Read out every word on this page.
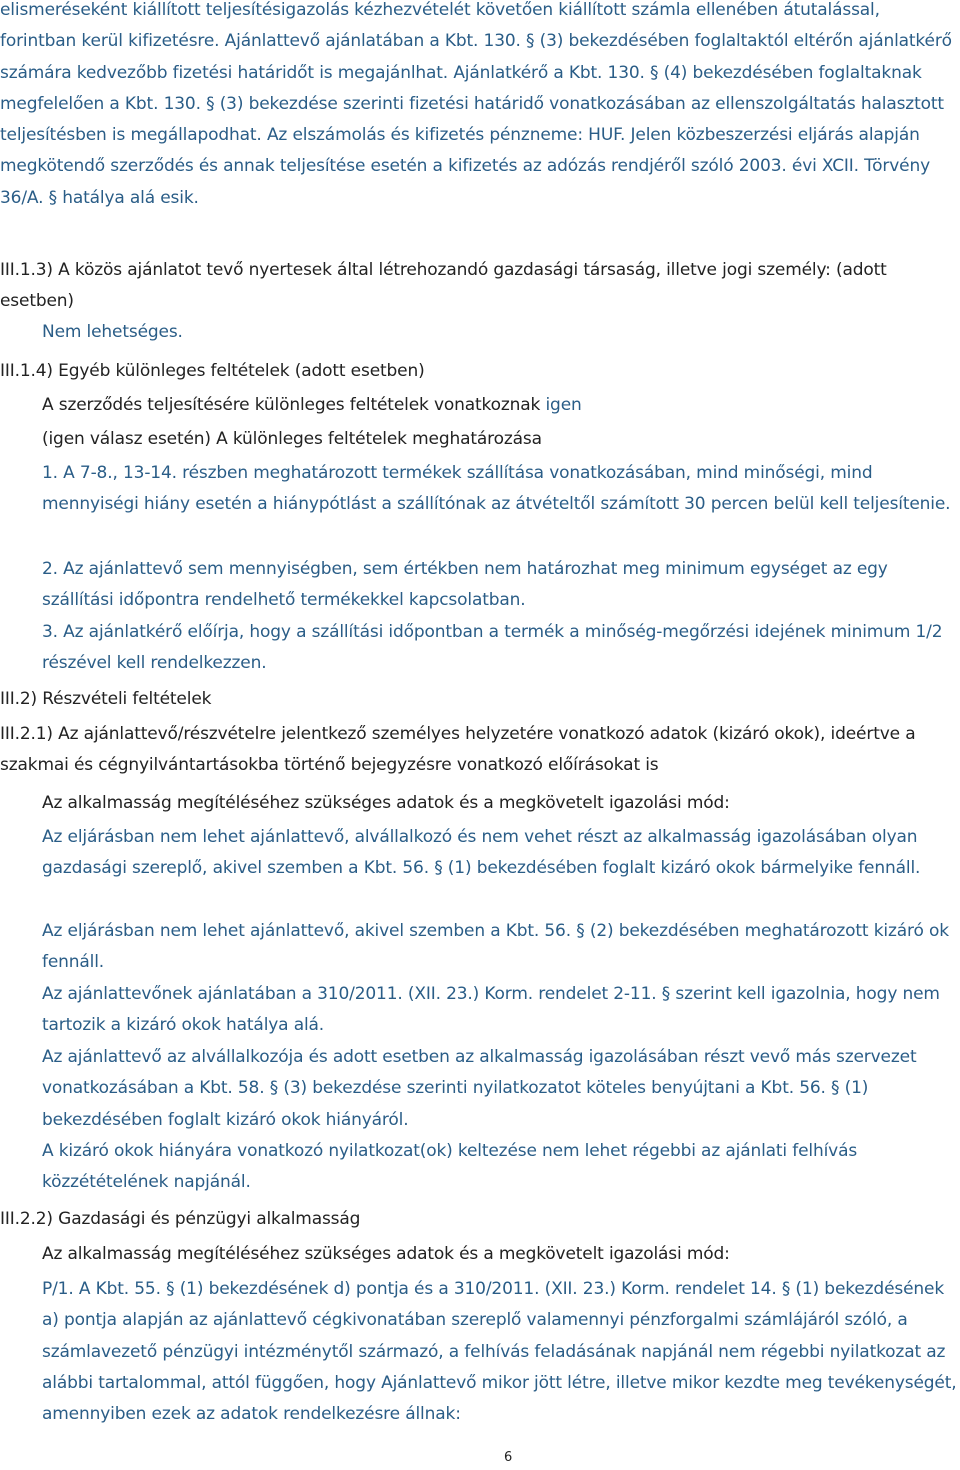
elismeréseként kiállított teljesítésigazolás kézhezvételét követően kiállított számla ellenében átutalással, forintban kerül kifizetésre. Ajánlattevő ajánlatában a Kbt. 130. § (3) bekezdésében foglaltaktól eltérőn ajánlatkérő számára kedvezőbb fizetési határidőt is megajánlhat. Ajánlatkérő a Kbt. 130. § (4) bekezdésében foglaltaknak megfelelően a Kbt. 130. § (3) bekezdése szerinti fizetési határidő vonatkozásában az ellenszolgáltatás halasztott teljesítésben is megállapodhat. Az elszámolás és kifizetés pénzneme: HUF. Jelen közbeszerzési eljárás alapján megkötendő szerződés és annak teljesítése esetén a kifizetés az adózás rendjéről szóló 2003. évi XCII. Törvény 36/A. § hatálya alá esik.
III.1.3) A közös ajánlatot tevő nyertesek által létrehozandó gazdasági társaság, illetve jogi személy: (adott esetben)
Nem lehetséges.
III.1.4) Egyéb különleges feltételek (adott esetben)
A szerződés teljesítésére különleges feltételek vonatkoznak igen
(igen válasz esetén) A különleges feltételek meghatározása
1. A 7-8., 13-14. részben meghatározott termékek szállítása vonatkozásában, mind minőségi, mind mennyiségi hiány esetén a hiánypótlást a szállítónak az átvételtől számított 30 percen belül kell teljesítenie.
2. Az ajánlattevő sem mennyiségben, sem értékben nem határozhat meg minimum egységet az egy szállítási időpontra rendelhető termékekkel kapcsolatban.
3. Az ajánlatkérő előírja, hogy a szállítási időpontban a termék a minőség-megőrzési idejének minimum 1/2 részével kell rendelkezzen.
III.2) Részvételi feltételek
III.2.1) Az ajánlattevő/részvételre jelentkező személyes helyzetére vonatkozó adatok (kizáró okok), ideértve a szakmai és cégnyilvántartásokba történő bejegyzésre vonatkozó előírásokat is
Az alkalmasság megítéléséhez szükséges adatok és a megkövetelt igazolási mód:
Az eljárásban nem lehet ajánlattevő, alvállalkozó és nem vehet részt az alkalmasság igazolásában olyan gazdasági szereplő, akivel szemben a Kbt. 56. § (1) bekezdésében foglalt kizáró okok bármelyike fennáll.
Az eljárásban nem lehet ajánlattevő, akivel szemben a Kbt. 56. § (2) bekezdésében meghatározott kizáró ok fennáll.
Az ajánlattevőnek ajánlatában a 310/2011. (XII. 23.) Korm. rendelet 2-11. § szerint kell igazolnia, hogy nem tartozik a kizáró okok hatálya alá.
Az ajánlattevő az alvállalkozója és adott esetben az alkalmasság igazolásában részt vevő más szervezet vonatkozásában a Kbt. 58. § (3) bekezdése szerinti nyilatkozatot köteles benyújtani a Kbt. 56. § (1) bekezdésében foglalt kizáró okok hiányáról.
A kizáró okok hiányára vonatkozó nyilatkozat(ok) keltezése nem lehet régebbi az ajánlati felhívás közzétételének napjánál.
III.2.2) Gazdasági és pénzügyi alkalmasság
Az alkalmasság megítéléséhez szükséges adatok és a megkövetelt igazolási mód:
P/1. A Kbt. 55. § (1) bekezdésének d) pontja és a 310/2011. (XII. 23.) Korm. rendelet 14. § (1) bekezdésének a) pontja alapján az ajánlattevő cégkivonatában szereplő valamennyi pénzforgalmi számlájáról szóló, a számlavezető pénzügyi intézménytől származó, a felhívás feladásának napjánál nem régebbi nyilatkozat az alábbi tartalommal, attól függően, hogy Ajánlattevő mikor jött létre, illetve mikor kezdte meg tevékenységét, amennyiben ezek az adatok rendelkezésre állnak:
6
